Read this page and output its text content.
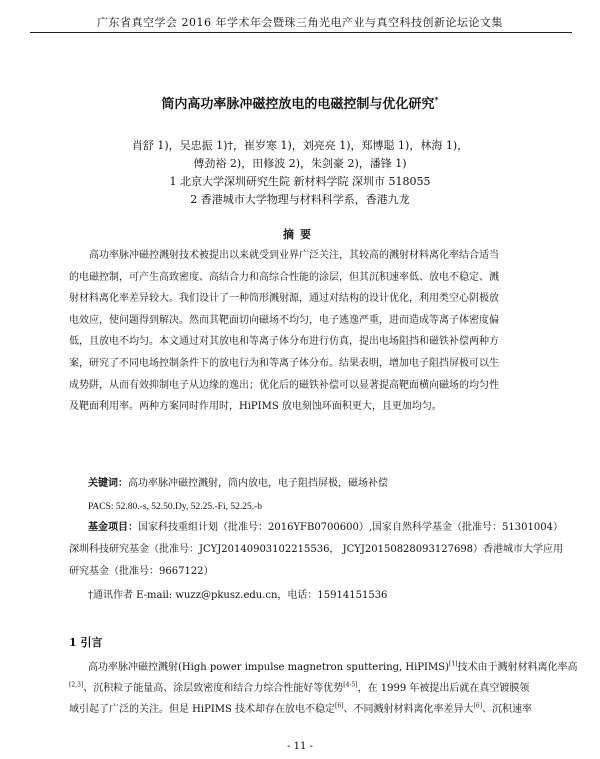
广东省真空学会 2016 年学术年会暨珠三角光电产业与真空科技创新论坛论文集
筒内高功率脉冲磁控放电的电磁控制与优化研究*
肖舒 1)，吴忠振 1)†，崔岁寒 1)，刘亮亮 1)，郑博聪 1)，林海 1)，
傅劲裕 2)，田修波 2)，朱剑豪 2)，潘锋 1)
1 北京大学深圳研究生院 新材料学院 深圳市 518055
2 香港城市大学物理与材料科学系，香港九龙
摘要
高功率脉冲磁控溅射技术被提出以来就受到业界广泛关注，其较高的溅射材料离化率结合适当
的电磁控制，可产生高致密度、高结合力和高综合性能的涂层，但其沉积速率低、放电不稳定、溅
射材料离化率差异较大。我们设计了一种筒形溅射源，通过对结构的设计优化，利用类空心阴极放
电效应，使问题得到解决。然而其靶面切向磁场不均匀，电子逃逸严重，进而造成等离子体密度偏
低，且放电不均匀。本文通过对其放电和等离子体分布进行仿真，提出电场阻挡和磁铁补偿两种方
案，研究了不同电场控制条件下的放电行为和等离子体分布。结果表明，增加电子阻挡屏极可以生
成势阱，从而有效抑制电子从边缘的逸出；优化后的磁铁补偿可以显著提高靶面横向磁场的均匀性
及靶面利用率。两种方案同时作用时，HiPIMS 放电刻蚀环面积更大，且更加均匀。
关键词：高功率脉冲磁控溅射，筒内放电，电子阻挡屏极，磁场补偿
PACS: 52.80.-s, 52.50.Dy, 52.25.-Fi, 52.25.-b
基金项目：国家科技重组计划（批准号：2016YFB0700600）,国家自然科学基金（批准号：51301004）
深圳科技研究基金（批准号：JCYJ20140903102215536， JCYJ20150828093127698）香港城市大学应用
研究基金（批准号：9667122）
†通讯作者 E-mail: wuzz@pkusz.edu.cn，电话：15914151536
1 引言
高功率脉冲磁控溅射(High power impulse magnetron sputtering, HiPIMS)[1]技术由于溅射材料离化率高
[2,3]、沉积粒子能量高、涂层致密度和结合力综合性能好等优势[4-5]，在 1999 年被提出后就在真空镀膜领
域引起了广泛的关注。但是 HiPIMS 技术却存在放电不稳定[6]、不同溅射材料离化率差异大[6]、沉积速率
- 11 -
